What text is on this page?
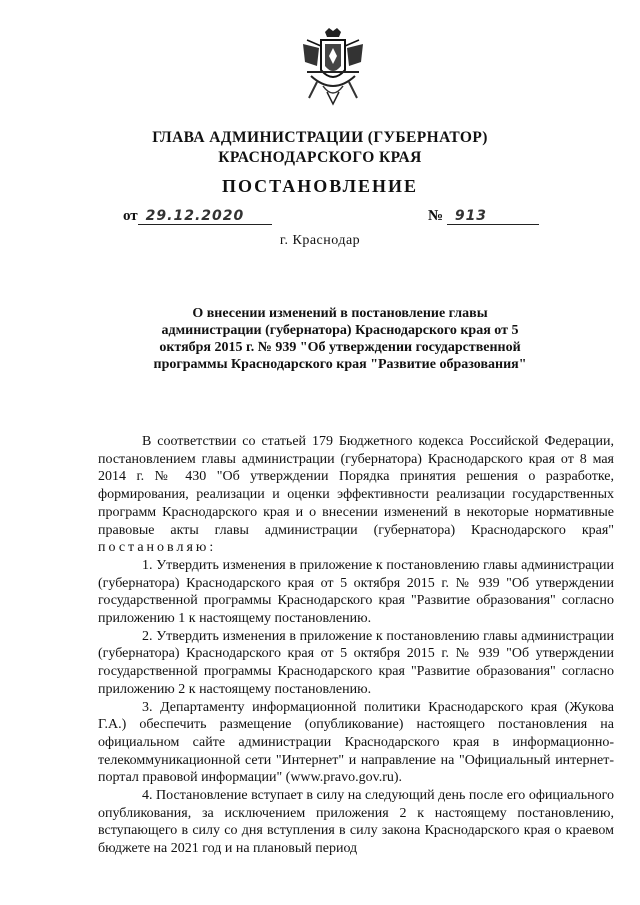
ГЛАВА АДМИНИСТРАЦИИ (ГУБЕРНАТОР)
КРАСНОДАРСКОГО КРАЯ
ПОСТАНОВЛЕНИЕ
от 29.12.2020	№ 913
г. Краснодар
О внесении изменений в постановление главы администрации (губернатора) Краснодарского края от 5 октября 2015 г. № 939 "Об утверждении государственной программы Краснодарского края "Развитие образования"

В соответствии со статьей 179 Бюджетного кодекса Российской Федерации, постановлением главы администрации (губернатора) Краснодарского края от 8 мая 2014 г. № 430 "Об утверждении Порядка принятия решения о разработке, формирования, реализации и оценки эффективности реализации государственных программ Краснодарского края и о внесении изменений в некоторые нормативные правовые акты главы администрации (губернатора) Краснодарского края" постановляю:

1. Утвердить изменения в приложение к постановлению главы администрации (губернатора) Краснодарского края от 5 октября 2015 г. № 939 "Об утверждении государственной программы Краснодарского края "Развитие образования" согласно приложению 1 к настоящему постановлению.

2. Утвердить изменения в приложение к постановлению главы администрации (губернатора) Краснодарского края от 5 октября 2015 г. № 939 "Об утверждении государственной программы Краснодарского края "Развитие образования" согласно приложению 2 к настоящему постановлению.

3. Департаменту информационной политики Краснодарского края (Жукова Г.А.) обеспечить размещение (опубликование) настоящего постановления на официальном сайте администрации Краснодарского края в информационно-телекоммуникационной сети "Интернет" и направление на "Официальный интернет-портал правовой информации" (www.pravo.gov.ru).

4. Постановление вступает в силу на следующий день после его официального опубликования, за исключением приложения 2 к настоящему постановлению, вступающего в силу со дня вступления в силу закона Краснодарского края о краевом бюджете на 2021 год и на плановый период
